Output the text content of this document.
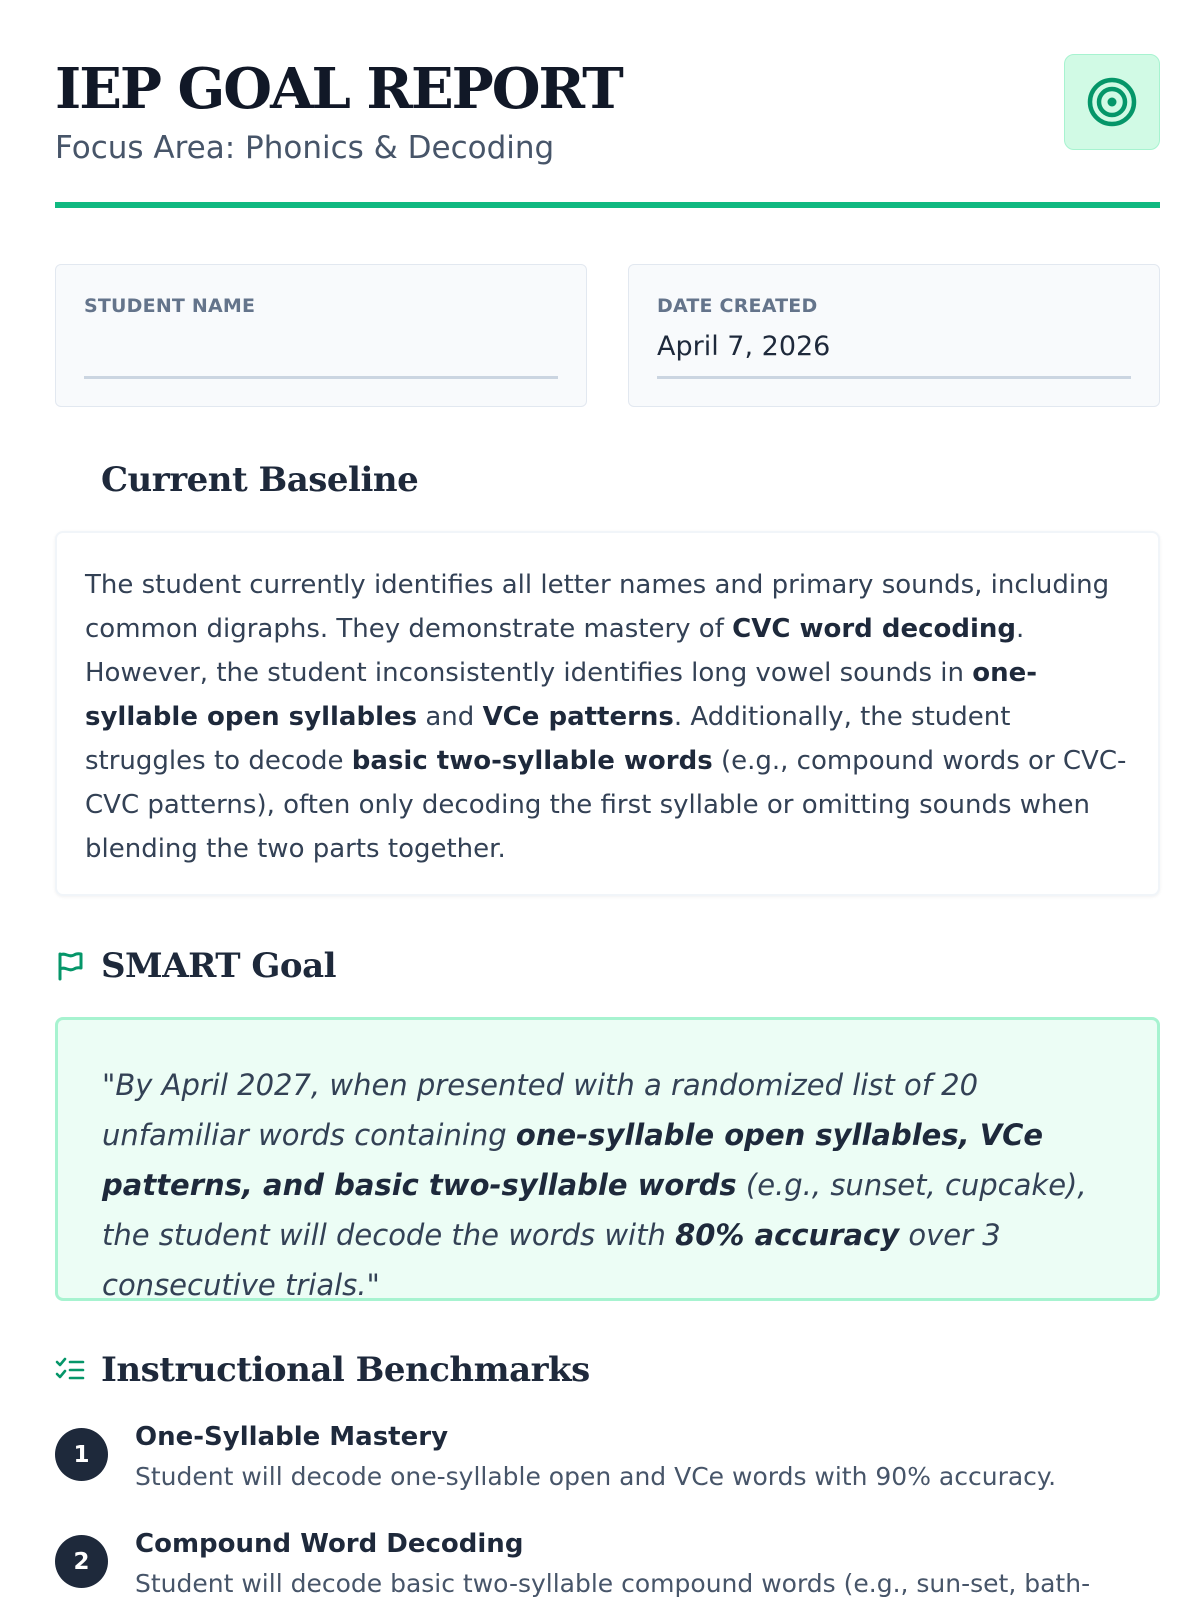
IEP GOAL REPORT
Focus Area: Phonics & Decoding
STUDENT NAME	DATE CREATED
April 7, 2026
Current Baseline

The student currently identifies all letter names and primary sounds, including common digraphs. They demonstrate mastery of CVC word decoding. However, the student inconsistently identifies long vowel sounds in one-syllable open syllables and VCe patterns. Additionally, the student struggles to decode basic two-syllable words (e.g., compound words or CVC-CVC patterns), often only decoding the first syllable or omitting sounds when blending the two parts together.

SMART Goal

"By April 2027, when presented with a randomized list of 20 unfamiliar words containing one-syllable open syllables, VCe patterns, and basic two-syllable words (e.g., sunset, cupcake), the student will decode the words with 80% accuracy over 3 consecutive trials."

Instructional Benchmarks
1
One-Syllable Mastery
Student will decode one-syllable open and VCe words with 90% accuracy.
2
Compound Word Decoding
Student will decode basic two-syllable compound words (e.g., sun-set, bath-
